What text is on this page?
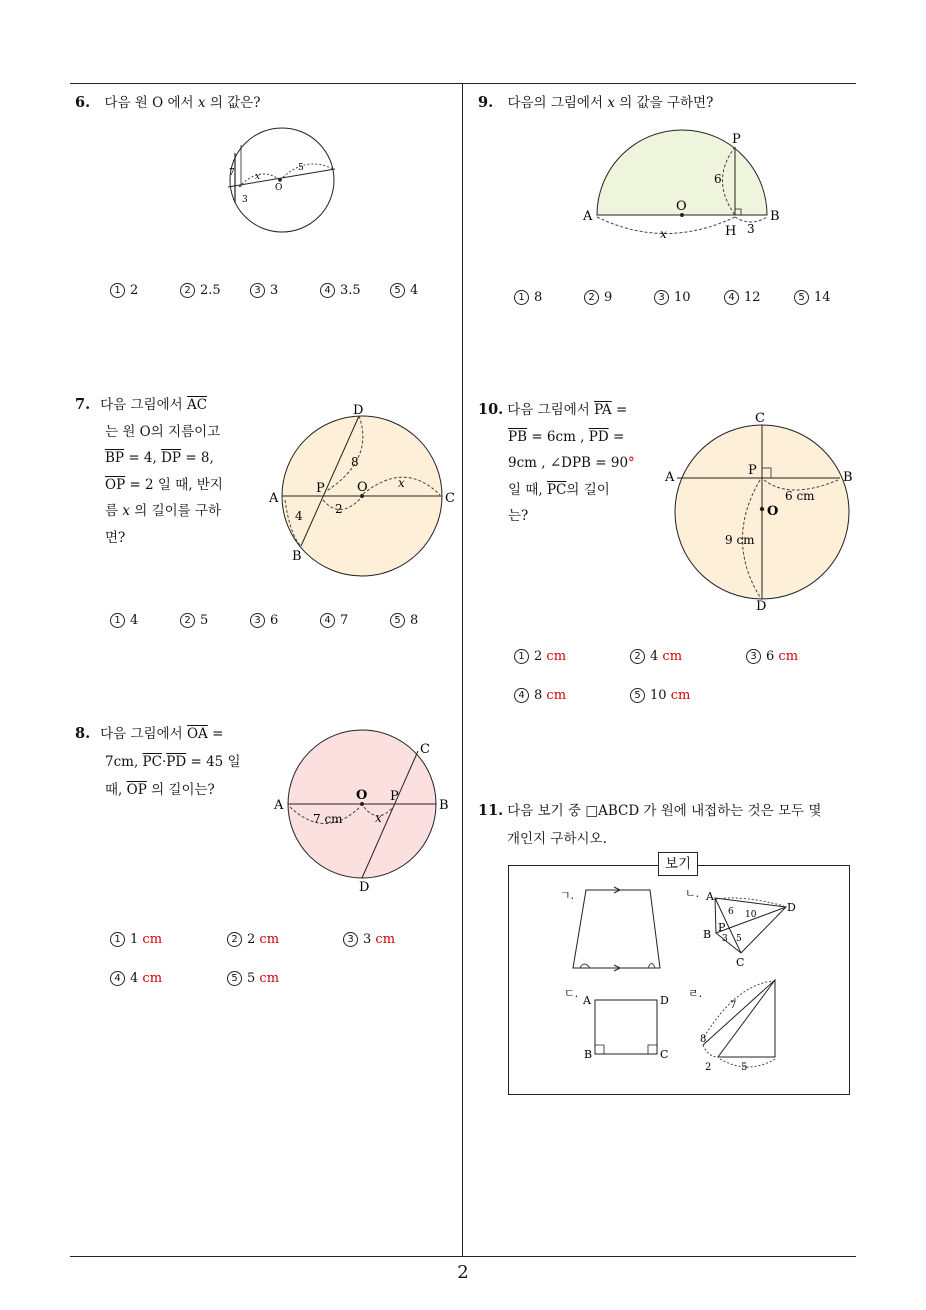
2
6. 다음 원 O 에서 x 의 값은?
7 x
5
O
3
1 2	2 2.5	3 3	4 3.5	5 4
7. 다음 그림에서 $\overline{AC}$
는 원 O의 지름이고
$\overline{BP} = 4$, $\overline{DP} = 8$,
$\overline{OP} = 2$ 일 때, 반지
름 x 의 길이를 구하
면?
D
8
P O	x
A	C
4	2
B
1 4	2 5	3 6	4 7	5 8
8. 다음 그림에서 $\overline{OA}$ =
7cm, $\overline{PC}\cdot\overline{PD} = 45$ 일
때, $\overline{OP}$ 의 길이는?
C
O P
A	B
7 cm	x
D
1 1 cm	2 2 cm	3 3 cm
4 4 cm	5 5 cm
9. 다음의 그림에서 x 의 값을 구하면?
P
6
O
A	B
H 3
x
1 8	2 9	3 10	4 12	5 14
10. 다음 그림에서 $\overline{PA}$ =
$\overline{PB} = 6cm$ , $\overline{PD}$ =
9cm , ∠DPB = 90°
일 때, $\overline{PC}$의 길이
는?
C
P
A	B
6 cm
O
9 cm
D
1 2 cm	2 4 cm	3 6 cm
4 8 cm	5 10 cm
11. 다음 보기 중 □ABCD 가 원에 내접하는 것은 모두 몇
개인지 구하시오.
보기
ㄱ.	ㄴ. A
D
B
C
P
6 10
3 5
ㄷ.
A	D
B	C
ㄹ.
7
8
2	5
